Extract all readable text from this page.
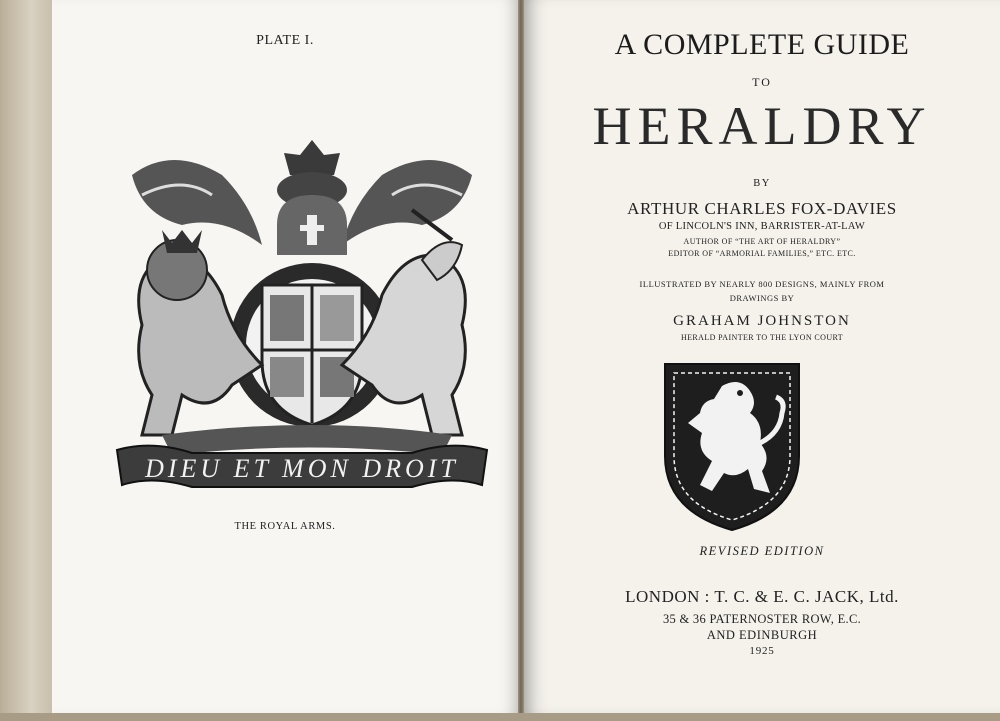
PLATE I.
DIEU ET MON DROIT
THE ROYAL ARMS.
A COMPLETE GUIDE
TO
HERALDRY
BY
ARTHUR CHARLES FOX-DAVIES
OF LINCOLN'S INN, BARRISTER-AT-LAW
AUTHOR OF “THE ART OF HERALDRY”
EDITOR OF “ARMORIAL FAMILIES,” ETC. ETC.
ILLUSTRATED BY NEARLY 800 DESIGNS, MAINLY FROM
DRAWINGS BY
GRAHAM JOHNSTON
HERALD PAINTER TO THE LYON COURT
REVISED EDITION
LONDON : T. C. & E. C. JACK, Ltd.
35 & 36 PATERNOSTER ROW, E.C.
AND EDINBURGH
1925
